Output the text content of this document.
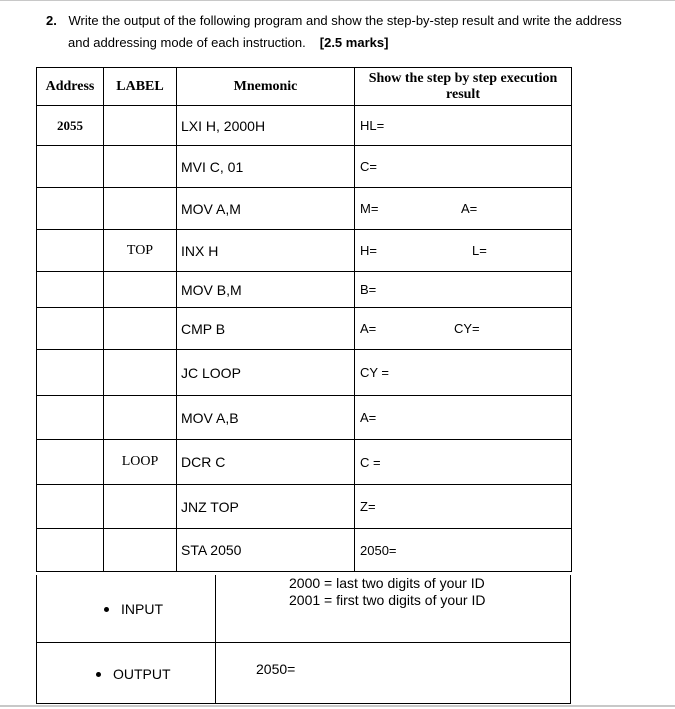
2. Write the output of the following program and show the step-by-step result and write the address
and addressing mode of each instruction. [2.5 marks]
Address	LABEL	Mnemonic	Show the step by step execution result
2055		LXI H, 2000H	HL=
		MVI C, 01	C=
		MOV A,M	M= A=

	TOP	INX H	H= L=

		MOV B,M	B=
		CMP B	A= CY=

		JC LOOP	CY =
		MOV A,B	A=
	LOOP	DCR C	C =
		JNZ TOP	Z=
		STA 2050	2050=
INPUT
2000 = last two digits of your ID
2001 = first two digits of your ID
OUTPUT	2050=
